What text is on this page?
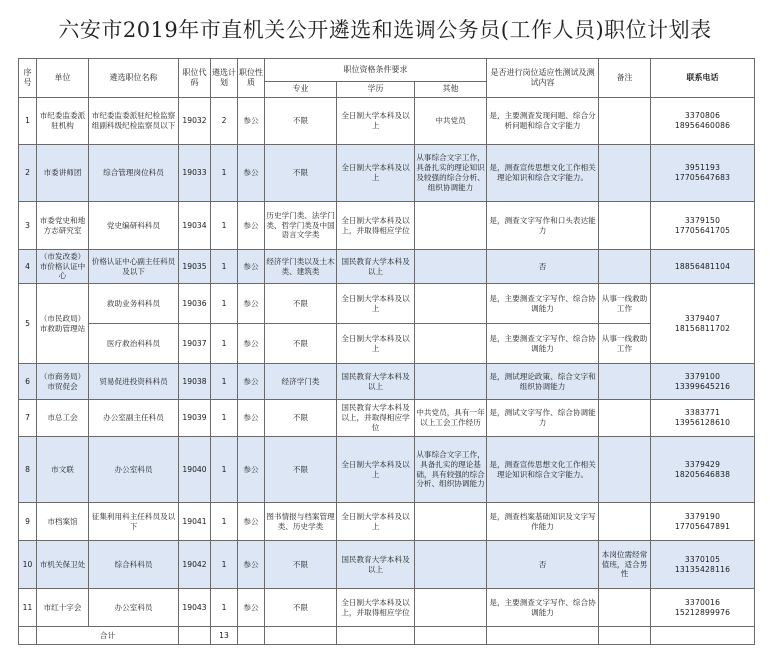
六安市2019年市直机关公开遴选和选调公务员(工作人员)职位计划表
序号	单位	遴选职位名称	职位代码	遴选计划	职位性质	职位资格条件要求			是否进行岗位适应性测试及测试内容	备注	联系电话
						专业	学历	其他			
1	市纪委监委派驻机构	市纪委监委派驻纪检监察组副科级纪检监察员以下	19032	2	参公	不限	全日制大学本科及以上	中共党员	是，主要测查发现问题、综合分析问题和综合文字能力		3370806
18956460086

2	市委讲师团	综合管理岗位科员	19033	1	参公	不限	全日制大学本科及以上	从事综合文字工作，具备扎实的理论知识及较强的综合分析、组织协调能力	是，测查宣传思想文化工作相关理论知识和综合文字能力。		3951193
17705647683

3	市委党史和地方志研究室	党史编研科科员	19034	1	参公	历史学门类、法学门类、哲学门类及中国语言文学类	全日制大学本科及以上，并取得相应学位		是，测查文字写作和口头表达能力		3379150
17705641705

4	（市发改委）市价格认证中心	价格认证中心副主任科员及以下	19035	1	参公	经济学门类以及土木类、建筑类	国民教育大学本科及以上		否		18856481104
5	（市民政局）市救助管理站	救助业务科科员	19036	1	参公	不限	全日制大学本科及以上		是，主要测查文字写作、综合协调能力	从事一线救助工作	3379407
18156811702

		医疗救治科科员	19037	1	参公	不限	全日制大学本科及以上		是，主要测查文字写作、综合协调能力	从事一线救助工作	
6	（市商务局）市贸促会	贸易促进投资科科员	19038	1	参公	经济学门类	国民教育大学本科及以上		是，测试理论政策、综合文字和组织协调能力		3379100
13399645216

7	市总工会	办公室副主任科员	19039	1	参公	不限	国民教育大学本科及以上，并取得相应学位	中共党员，具有一年以上工会工作经历	是，测试文字写作、综合协调能力		3383771
13956128610

8	市文联	办公室科员	19040	1	参公	不限	全日制大学本科及以上	从事综合文字工作，具备扎实的理论基础，具有较强的综合分析、组织协调能力	是，测查宣传思想文化工作相关理论知识和综合文字能力。		3379429
18205646838

9	市档案馆	征集利用科主任科员及以下	19041	1	参公	图书情报与档案管理类、历史学类	全日制大学本科及以上		是，测查档案基础知识及文字写作能力		3379190
17705647891

10	市机关保卫处	综合科科员	19042	1	参公	不限	国民教育大学本科及以上		否	本岗位需经常值班，适合男性	3370105
13135428116

11	市红十字会	办公室科员	19043	1	参公	不限	全日制大学本科及以上，并取得相应学位		是，主要测查文字写作、综合协调能力		3370016
15212899976

	合计			13							
